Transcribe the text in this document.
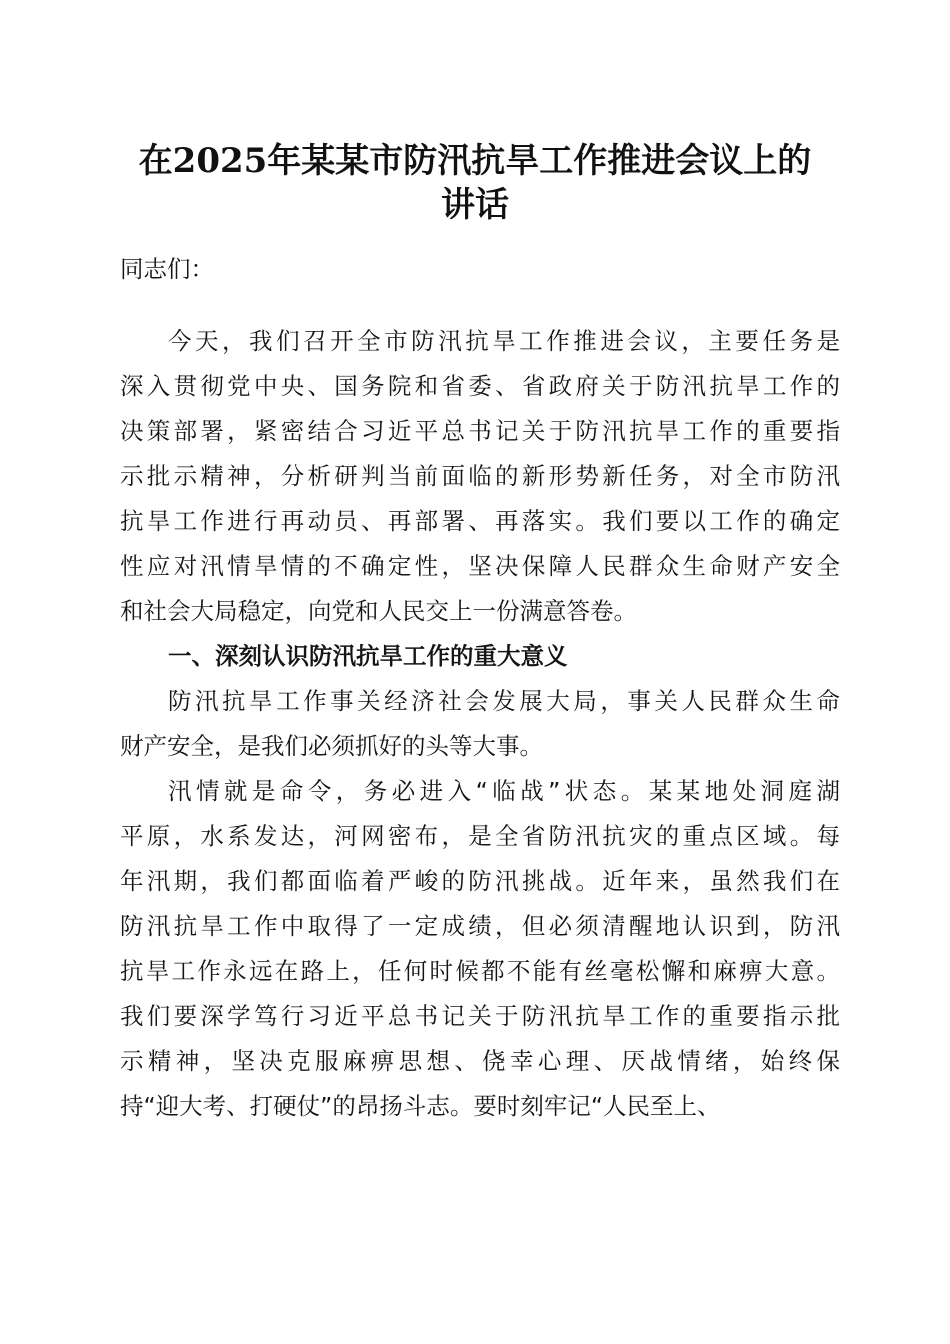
在2025年某某市防汛抗旱工作推进会议上的
讲话
同志们：
今天，我们召开全市防汛抗旱工作推进会议，主要任务是
深入贯彻党中央、国务院和省委、省政府关于防汛抗旱工作的
决策部署，紧密结合习近平总书记关于防汛抗旱工作的重要指
示批示精神，分析研判当前面临的新形势新任务，对全市防汛
抗旱工作进行再动员、再部署、再落实。我们要以工作的确定
性应对汛情旱情的不确定性，坚决保障人民群众生命财产安全
和社会大局稳定，向党和人民交上一份满意答卷。
一、深刻认识防汛抗旱工作的重大意义
防汛抗旱工作事关经济社会发展大局，事关人民群众生命
财产安全，是我们必须抓好的头等大事。
汛情就是命令，务必进入“临战”状态。某某地处洞庭湖
平原，水系发达，河网密布，是全省防汛抗灾的重点区域。每
年汛期，我们都面临着严峻的防汛挑战。近年来，虽然我们在
防汛抗旱工作中取得了一定成绩，但必须清醒地认识到，防汛
抗旱工作永远在路上，任何时候都不能有丝毫松懈和麻痹大意。
我们要深学笃行习近平总书记关于防汛抗旱工作的重要指示批
示精神，坚决克服麻痹思想、侥幸心理、厌战情绪，始终保
持“迎大考、打硬仗”的昂扬斗志。要时刻牢记“人民至上、
